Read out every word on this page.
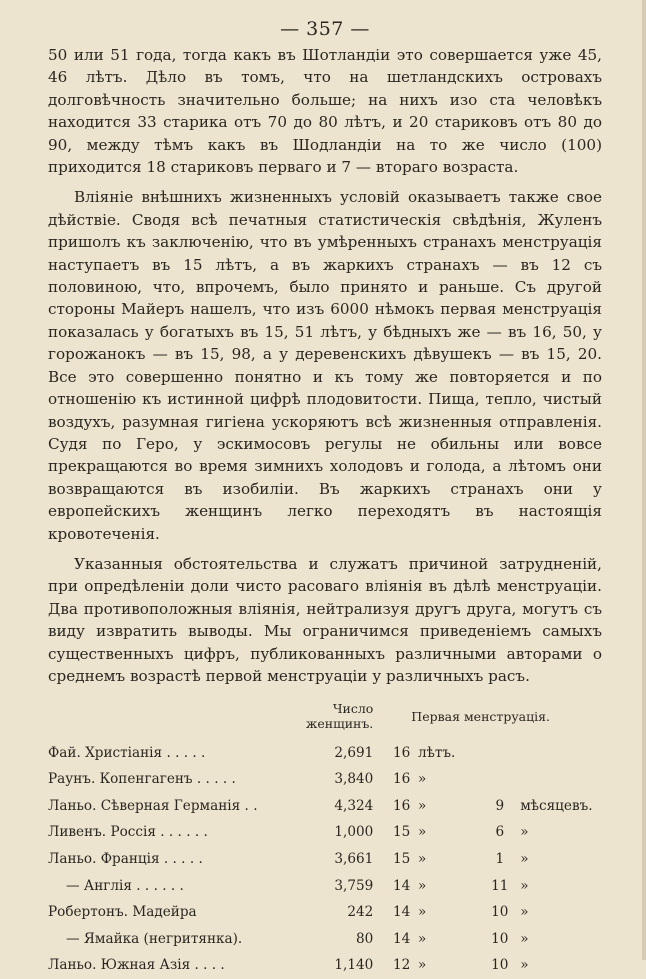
— 357 —

50 или 51 года, тогда какъ въ Шотландіи это совершается уже 45, 46 лѣтъ. Дѣло въ томъ, что на шетландскихъ островахъ долговѣчность значительно больше; на нихъ изо ста человѣкъ находится 33 старика отъ 70 до 80 лѣтъ, и 20 стариковъ отъ 80 до 90, между тѣмъ какъ въ Шодландіи на то же число (100) приходится 18 стариковъ перваго и 7 — втораго возраста.

Вліяніе внѣшнихъ жизненныхъ условій оказываетъ также свое дѣйствіе. Сводя всѣ печатныя статистическія свѣдѣнія, Жуленъ пришолъ къ заключенію, что въ умѣренныхъ странахъ менструація наступаетъ въ 15 лѣтъ, а въ жаркихъ странахъ — въ 12 съ половиною, что, впрочемъ, было принято и раньше. Съ другой стороны Майеръ нашелъ, что изъ 6000 нѣмокъ первая менструація показалась у богатыхъ въ 15, 51 лѣтъ, у бѣдныхъ же — въ 16, 50, у горожанокъ — въ 15, 98, а у деревенскихъ дѣвушекъ — въ 15, 20. Все это совершенно понятно и къ тому же повторяется и по отношенію къ истинной цифрѣ плодовитости. Пища, тепло, чистый воздухъ, разумная гигіена ускоряютъ всѣ жизненныя отправленія. Судя по Геро, у эскимосовъ регулы не обильны или вовсе прекращаются во время зимнихъ холодовъ и голода, а лѣтомъ они возвращаются въ изобиліи. Въ жаркихъ странахъ они у европейскихъ женщинъ легко переходятъ въ настоящія кровотеченія.

Указанныя обстоятельства и служатъ причиной затрудненій, при опредѣленіи доли чисто расоваго вліянія въ дѣлѣ менструаціи. Два противоположныя вліянія, нейтрализуя другъ друга, могутъ съ виду извратить выводы. Мы ограничимся приведеніемъ самыхъ существенныхъ цифръ, публикованныхъ различными авторами о среднемъ возрастѣ первой менструаціи у различныхъ расъ.

	Число женщинъ.	Первая менструація.			
Фай. Христіанія . . . . .	2,691	16	лѣтъ.		
Раунъ. Копенгагенъ . . . . .	3,840	16	»		
Ланьо. Сѣверная Германія . .	4,324	16	»	9	мѣсяцевъ.
Ливенъ. Россія . . . . . .	1,000	15	»	6	»
Ланьо. Франція . . . . .	3,661	15	»	1	»
— Англія . . . . . .	3,759	14	»	11	»
Робертонъ. Мадейра	242	14	»	10	»
— Ямайка (негритянка).	80	14	»	10	»
Ланьо. Южная Азія . . . .	1,140	12	»	10	»
